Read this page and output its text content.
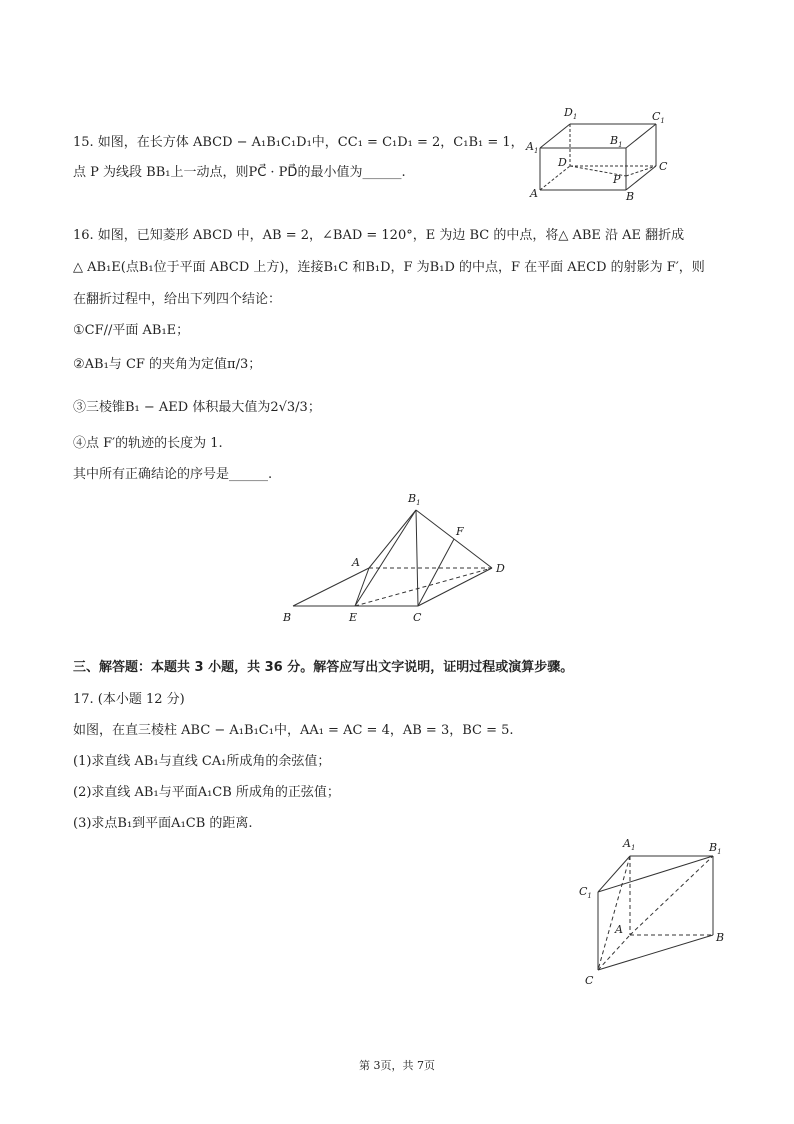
15. 如图，在长方体 ABCD − A₁B₁C₁D₁中，CC₁ = C₁D₁ = 2，C₁B₁ = 1，
点 P 为线段 BB₁上一动点，则PC⃗ · PD⃗的最小值为______.
$A_1$
$D_1$
$B_1$
$C_1$
D	C
P
A	B
16. 如图，已知菱形 ABCD 中，AB = 2，∠BAD = 120°，E 为边 BC 的中点，将△ ABE 沿 AE 翻折成
△ AB₁E(点B₁位于平面 ABCD 上方)，连接B₁C 和B₁D，F 为B₁D 的中点，F 在平面 AECD 的射影为 F′，则
在翻折过程中，给出下列四个结论：
①CF//平面 AB₁E；
②AB₁与 CF 的夹角为定值π/3；
③三棱锥B₁ − AED 体积最大值为2√3/3；
④点 F′的轨迹的长度为 1.
其中所有正确结论的序号是______.
$B_1$
F
A	D
B	E	C
三、解答题：本题共 3 小题，共 36 分。解答应写出文字说明，证明过程或演算步骤。
17. (本小题 12 分)
如图，在直三棱柱 ABC − A₁B₁C₁中，AA₁ = AC = 4，AB = 3，BC = 5.
(1)求直线 AB₁与直线 CA₁所成角的余弦值；
(2)求直线 AB₁与平面A₁CB 所成角的正弦值；
(3)求点B₁到平面A₁CB 的距离.
$A_1$	$B_1$
$C_1$
A
B
C
第 3页，共 7页
